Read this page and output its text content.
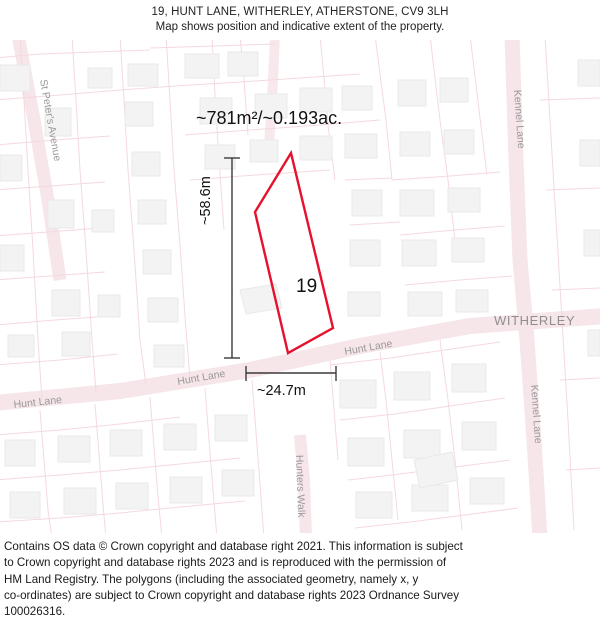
19, HUNT LANE, WITHERLEY, ATHERSTONE, CV9 3LH
Map shows position and indicative extent of the property.
St Peter's Avenue	Kennel Lane
Kennel Lane
Hunt Lane
Hunt Lane
Hunt Lane
Hunters Walk
~781m²/~0.193ac.
19
~58.6m
~24.7m
WITHERLEY

Contains OS data © Crown copyright and database right 2021. This information is subject

to Crown copyright and database rights 2023 and is reproduced with the permission of

HM Land Registry. The polygons (including the associated geometry, namely x, y

co-ordinates) are subject to Crown copyright and database rights 2023 Ordnance Survey

100026316.
